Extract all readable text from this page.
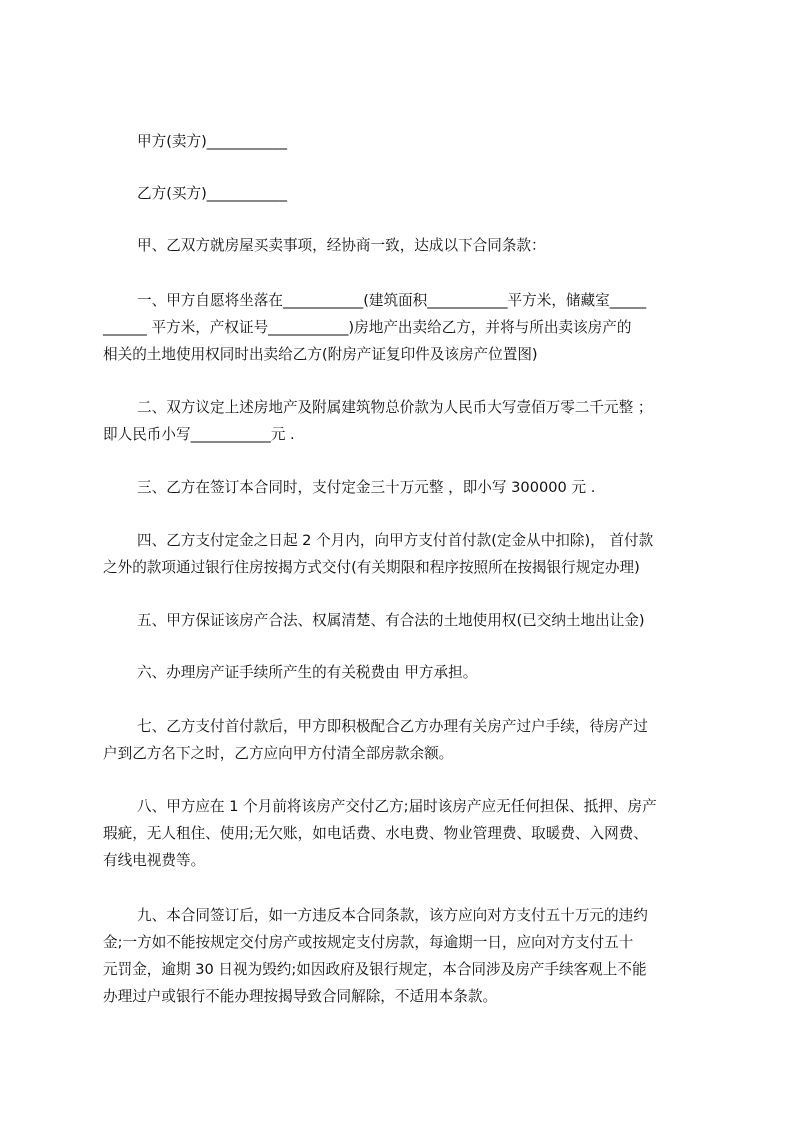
甲方(卖方)___________

乙方(买方)___________

甲、乙双方就房屋买卖事项，经协商一致，达成以下合同条款：

一、甲方自愿将坐落在___________(建筑面积___________平方米，储藏室_____
______ 平方米，产权证号___________)房地产出卖给乙方，并将与所出卖该房产的
相关的土地使用权同时出卖给乙方(附房产证复印件及该房产位置图)

二、双方议定上述房地产及附属建筑物总价款为人民币大写壹佰万零二千元整 ；
即人民币小写___________元 .

三、乙方在签订本合同时，支付定金三十万元整 ，即小写 300000 元 .

四、乙方支付定金之日起 2 个月内，向甲方支付首付款(定金从中扣除)， 首付款
之外的款项通过银行住房按揭方式交付(有关期限和程序按照所在按揭银行规定办理)

五、甲方保证该房产合法、权属清楚、有合法的土地使用权(已交纳土地出让金)

六、办理房产证手续所产生的有关税费由 甲方承担。

七、乙方支付首付款后，甲方即积极配合乙方办理有关房产过户手续，待房产过
户到乙方名下之时，乙方应向甲方付清全部房款余额。

八、甲方应在 1 个月前将该房产交付乙方;届时该房产应无任何担保、抵押、房产
瑕疵，无人租住、使用;无欠账，如电话费、水电费、物业管理费、取暖费、入网费、
有线电视费等。

九、本合同签订后，如一方违反本合同条款，该方应向对方支付五十万元的违约
金;一方如不能按规定交付房产或按规定支付房款，每逾期一日，应向对方支付五十
元罚金，逾期 30 日视为毁约;如因政府及银行规定，本合同涉及房产手续客观上不能
办理过户或银行不能办理按揭导致合同解除，不适用本条款。
